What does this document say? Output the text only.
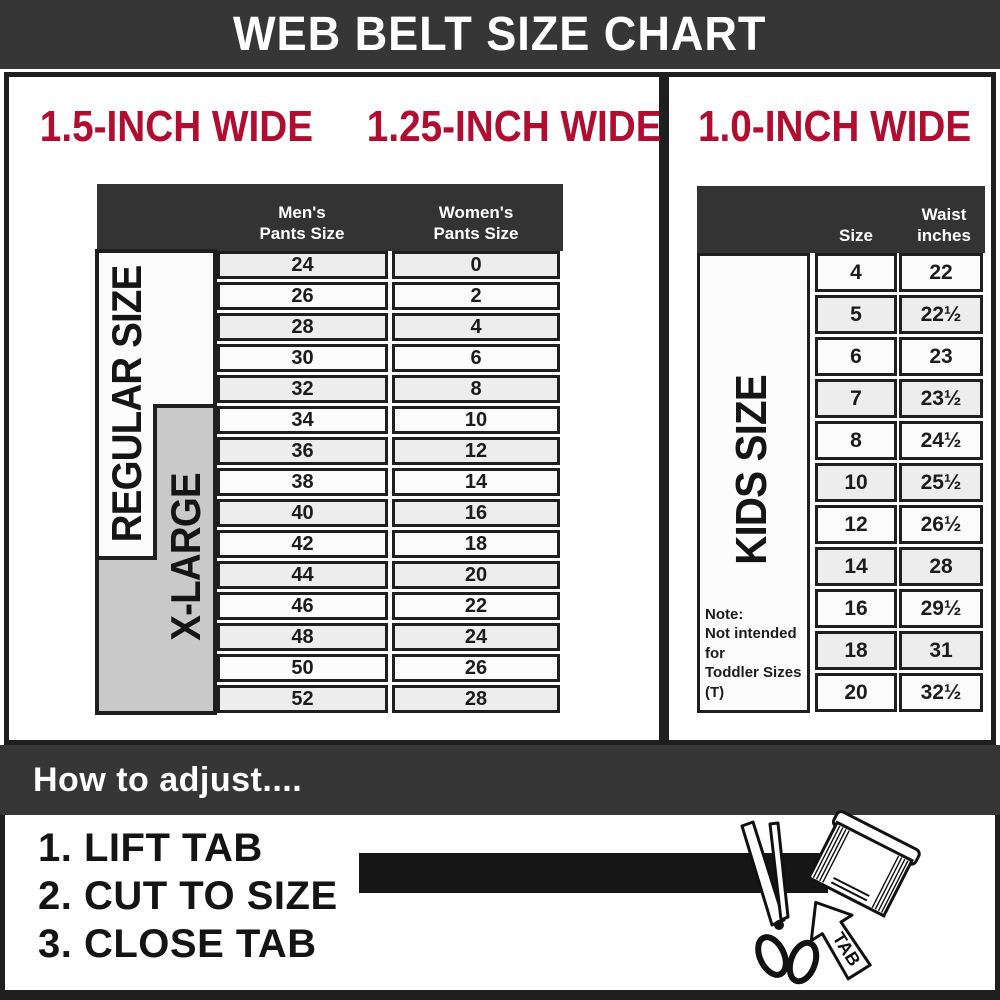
WEB BELT SIZE CHART
1.5-INCH WIDE 1.25-INCH WIDE
Men's
Pants Size
Women's
Pants Size
REGULAR SIZE
X-LARGE
24
26
28
30
32
34
36
38
40
42
44
46
48
50
52
0
2
4
6
8
10
12
14
16
18
20
22
24
26
28
1.0-INCH WIDE
Size
Waist
inches
Note:
Not intended for
Toddler Sizes (T)
KIDS SIZE
4
5
6
7
8
10
12
14
16
18
20
22
22½
23
23½
24½
25½
26½
28
29½
31
32½
How to adjust....
1. LIFT TAB
2. CUT TO SIZE
3. CLOSE TAB	TAB
